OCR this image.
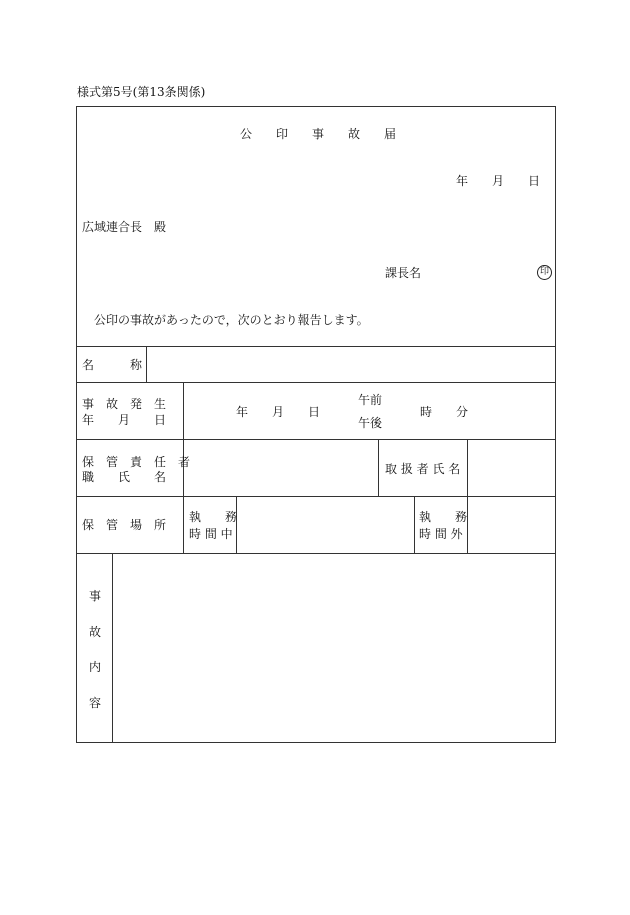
様式第5号(第13条関係)
公　　印　　事　　故　　届
年　　月　　日
広域連合長　殿
課長名	印
公印の事故があったので，次のとおり報告します。
名　　　称
事　故　発　生
年　　月　　日
年　　月　　日
午前
午後
時　　分
保　管　責　任　者
職　　氏　　名
取 扱 者 氏 名
保　管　場　所
執　　務
時 間 中
執　　務
時 間 外
事
故
内
容
